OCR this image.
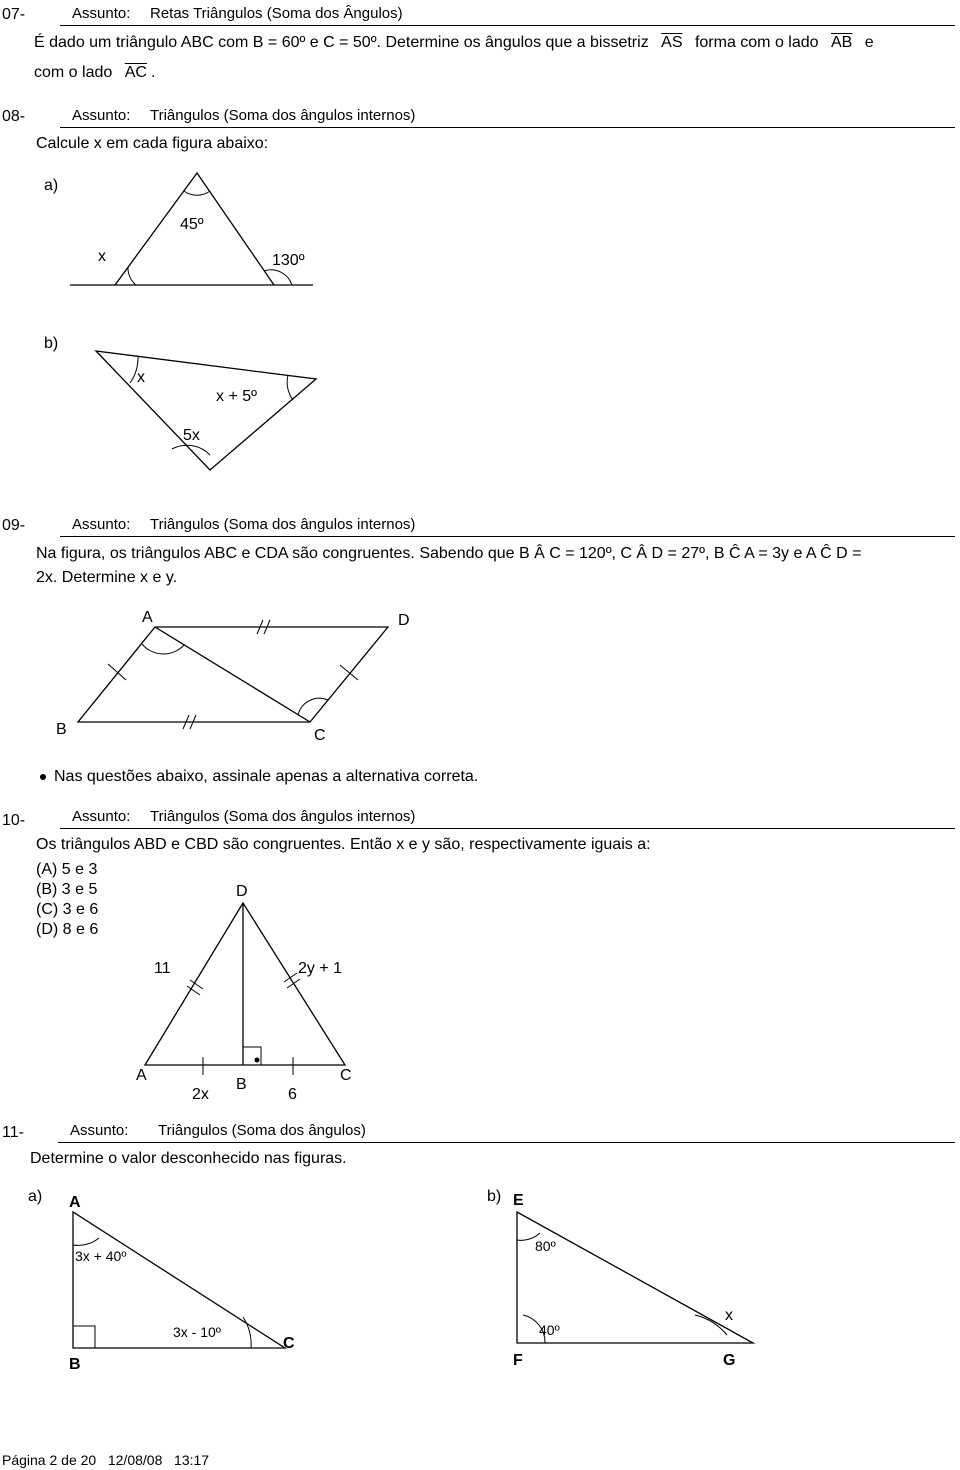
07-	Assunto: Retas Triângulos (Soma dos Ângulos)
É dado um triângulo ABC com B = 60º e C = 50º. Determine os ângulos que a bissetriz $\overline{AS}$ forma com o lado $\overline{AB}$ e
com o lado $\overline{AC}$ .
08-	Assunto: Triângulos (Soma dos ângulos internos)
Calcule x em cada figura abaixo:
a)
x
45º
130º
b)
x
x + 5º
5x
09-	Assunto: Triângulos (Soma dos ângulos internos)
Na figura, os triângulos ABC e CDA são congruentes. Sabendo que B Â C = 120º, C Â D = 27º, B Ĉ A = 3y e A Ĉ D =
2x. Determine x e y.
A	D
B	C
Nas questões abaixo, assinale apenas a alternativa correta.
10-	Assunto: Triângulos (Soma dos ângulos internos)
Os triângulos ABD e CBD são congruentes. Então x e y são, respectivamente iguais a:
(A) 5 e 3
(B) 3 e 5
(C) 3 e 6
(D) 8 e 6
D
11	2y + 1
A	C
B
2x	6
11-	Assunto: Triângulos (Soma dos ângulos)
Determine o valor desconhecido nas figuras.
a) A
B
C
3x + 40º
3x - 10º
b) E
F	G
80º
40º
x
Página 2 de 20   12/08/08   13:17
